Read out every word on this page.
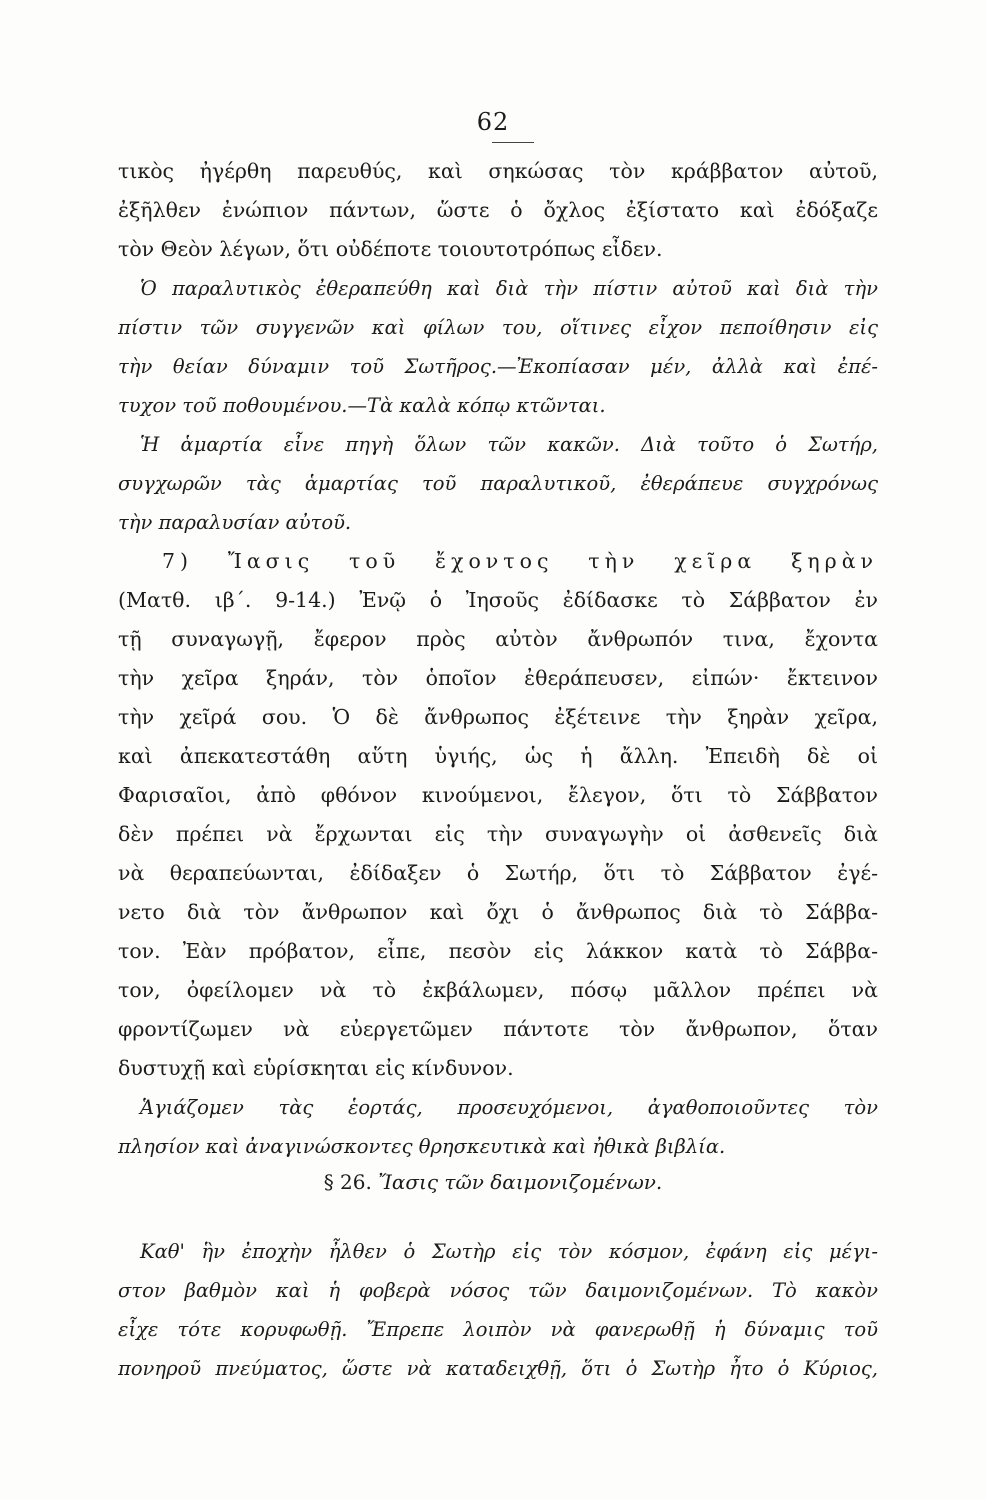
62
τικὸς ἠγέρθη παρευθύς, καὶ σηκώσας τὸν κράββατον αὐτοῦ,
ἐξῆλθεν ἐνώπιον πάντων, ὥστε ὁ ὄχλος ἐξίστατο καὶ ἐδόξαζε
τὸν Θεὸν λέγων, ὅτι οὐδέποτε τοιουτοτρόπως εἶδεν.
Ὁ παραλυτικὸς ἐθεραπεύθη καὶ διὰ τὴν πίστιν αὐτοῦ καὶ διὰ τὴν
πίστιν τῶν συγγενῶν καὶ φίλων του, οἵτινες εἶχον πεποίθησιν εἰς
τὴν θείαν δύναμιν τοῦ Σωτῆρος.—Ἐκοπίασαν μέν, ἀλλὰ καὶ ἐπέ-
τυχον τοῦ ποθουμένου.—Τὰ καλὰ κόπῳ κτῶνται.
Ἡ ἁμαρτία εἶνε πηγὴ ὅλων τῶν κακῶν. Διὰ τοῦτο ὁ Σωτήρ,
συγχωρῶν τὰς ἁμαρτίας τοῦ παραλυτικοῦ, ἐθεράπευε συγχρόνως
τὴν παραλυσίαν αὐτοῦ.
7) Ἴασις τοῦ ἔχοντος τὴν χεῖρα ξηρὰν
(Ματθ. ιβ΄. 9-14.) Ἐνῷ ὁ Ἰησοῦς ἐδίδασκε τὸ Σάββατον ἐν
τῇ συναγωγῇ, ἔφερον πρὸς αὐτὸν ἄνθρωπόν τινα, ἔχοντα
τὴν χεῖρα ξηράν, τὸν ὁποῖον ἐθεράπευσεν, εἰπών· ἔκτεινον
τὴν χεῖρά σου. Ὁ δὲ ἄνθρωπος ἐξέτεινε τὴν ξηρὰν χεῖρα,
καὶ ἀπεκατεστάθη αὕτη ὑγιής, ὡς ἡ ἄλλη. Ἐπειδὴ δὲ οἱ
Φαρισαῖοι, ἀπὸ φθόνον κινούμενοι, ἔλεγον, ὅτι τὸ Σάββατον
δὲν πρέπει νὰ ἔρχωνται εἰς τὴν συναγωγὴν οἱ ἀσθενεῖς διὰ
νὰ θεραπεύωνται, ἐδίδαξεν ὁ Σωτήρ, ὅτι τὸ Σάββατον ἐγέ-
νετο διὰ τὸν ἄνθρωπον καὶ ὄχι ὁ ἄνθρωπος διὰ τὸ Σάββα-
τον. Ἐὰν πρόβατον, εἶπε, πεσὸν εἰς λάκκον κατὰ τὸ Σάββα-
τον, ὀφείλομεν νὰ τὸ ἐκβάλωμεν, πόσῳ μᾶλλον πρέπει νὰ
φροντίζωμεν νὰ εὐεργετῶμεν πάντοτε τὸν ἄνθρωπον, ὅταν
δυστυχῇ καὶ εὑρίσκηται εἰς κίνδυνον.
Ἁγιάζομεν τὰς ἑορτάς, προσευχόμενοι, ἀγαθοποιοῦντες τὸν
πλησίον καὶ ἀναγινώσκοντες θρησκευτικὰ καὶ ἠθικὰ βιβλία.
§ 26. Ἴασις τῶν δαιμονιζομένων.
Καθ' ἣν ἐποχὴν ἦλθεν ὁ Σωτὴρ εἰς τὸν κόσμον, ἐφάνη εἰς μέγι-
στον βαθμὸν καὶ ἡ φοβερὰ νόσος τῶν δαιμονιζομένων. Τὸ κακὸν
εἶχε τότε κορυφωθῇ. Ἔπρεπε λοιπὸν νὰ φανερωθῇ ἡ δύναμις τοῦ
πονηροῦ πνεύματος, ὥστε νὰ καταδειχθῇ, ὅτι ὁ Σωτὴρ ἦτο ὁ Κύριος,
